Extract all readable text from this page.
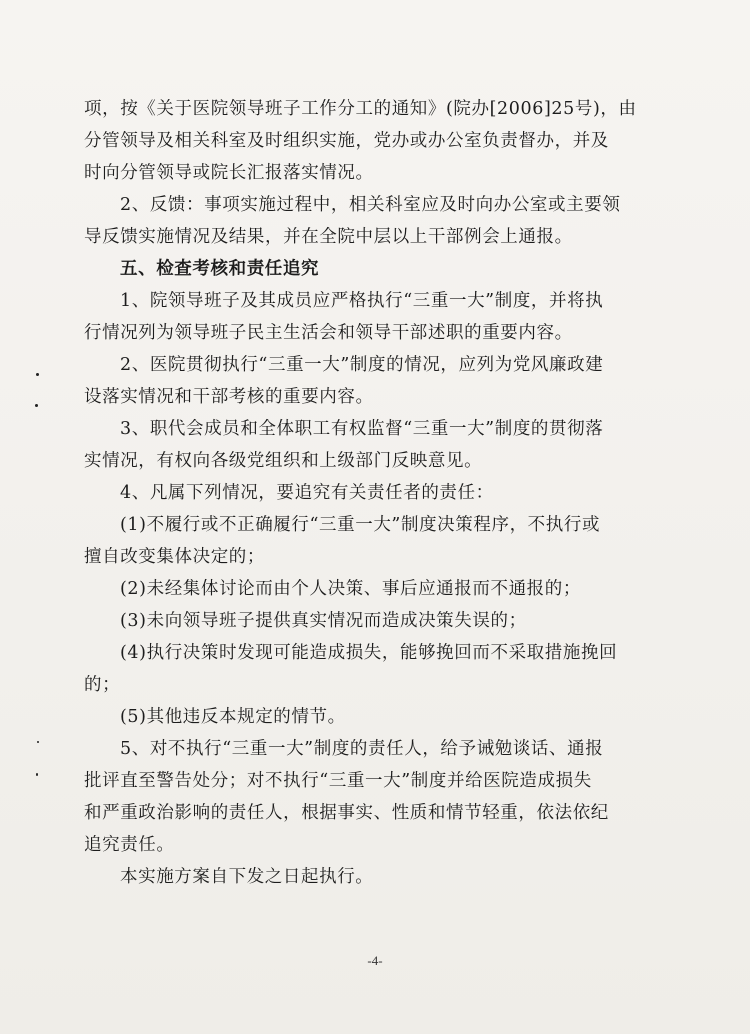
项，按《关于医院领导班子工作分工的通知》(院办[2006]25号)，由
分管领导及相关科室及时组织实施，党办或办公室负责督办，并及
时向分管领导或院长汇报落实情况。
2、反馈：事项实施过程中，相关科室应及时向办公室或主要领
导反馈实施情况及结果，并在全院中层以上干部例会上通报。
五、检查考核和责任追究
1、院领导班子及其成员应严格执行“三重一大”制度，并将执
行情况列为领导班子民主生活会和领导干部述职的重要内容。
2、医院贯彻执行“三重一大”制度的情况，应列为党风廉政建
设落实情况和干部考核的重要内容。
3、职代会成员和全体职工有权监督“三重一大”制度的贯彻落
实情况，有权向各级党组织和上级部门反映意见。
4、凡属下列情况，要追究有关责任者的责任：
(1)不履行或不正确履行“三重一大”制度决策程序，不执行或
擅自改变集体决定的；
(2)未经集体讨论而由个人决策、事后应通报而不通报的；
(3)未向领导班子提供真实情况而造成决策失误的；
(4)执行决策时发现可能造成损失，能够挽回而不采取措施挽回
的；
(5)其他违反本规定的情节。
5、对不执行“三重一大”制度的责任人，给予诫勉谈话、通报
批评直至警告处分；对不执行“三重一大”制度并给医院造成损失
和严重政治影响的责任人，根据事实、性质和情节轻重，依法依纪
追究责任。
本实施方案自下发之日起执行。
-4-
